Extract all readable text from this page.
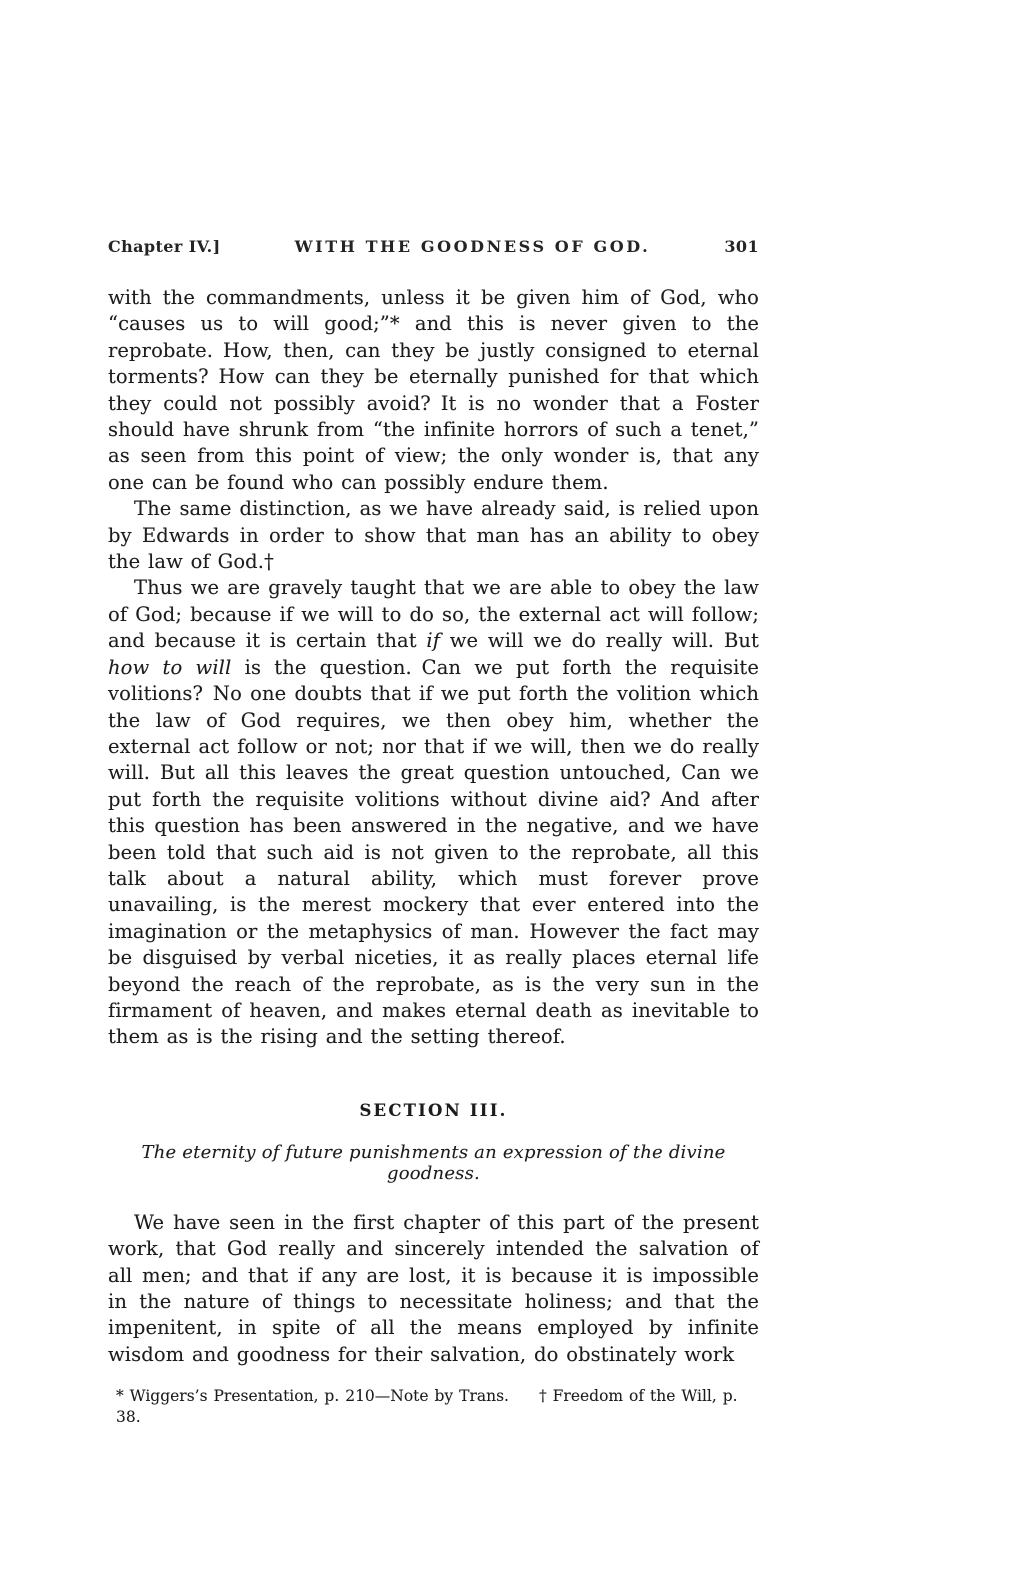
Chapter IV.]	WITH THE GOODNESS OF GOD.	301

with the commandments, unless it be given him of God, who “causes us to will good;”* and this is never given to the reprobate. How, then, can they be justly consigned to eternal torments? How can they be eternally punished for that which they could not possibly avoid? It is no wonder that a Foster should have shrunk from “the infinite horrors of such a tenet,” as seen from this point of view; the only wonder is, that any one can be found who can possibly endure them.

The same distinction, as we have already said, is relied upon by Edwards in order to show that man has an ability to obey the law of God.†

Thus we are gravely taught that we are able to obey the law of God; because if we will to do so, the external act will follow; and because it is certain that if we will we do really will. But how to will is the question. Can we put forth the requisite volitions? No one doubts that if we put forth the volition which the law of God requires, we then obey him, whether the external act follow or not; nor that if we will, then we do really will. But all this leaves the great question untouched, Can we put forth the requisite volitions without divine aid? And after this question has been answered in the negative, and we have been told that such aid is not given to the reprobate, all this talk about a natural ability, which must forever prove unavailing, is the merest mockery that ever entered into the imagination or the metaphysics of man. However the fact may be disguised by verbal niceties, it as really places eternal life beyond the reach of the reprobate, as is the very sun in the firmament of heaven, and makes eternal death as inevitable to them as is the rising and the setting thereof.

SECTION III.

The eternity of future punishments an expression of the divine goodness.

We have seen in the first chapter of this part of the present work, that God really and sincerely intended the salvation of all men; and that if any are lost, it is because it is impossible in the nature of things to necessitate holiness; and that the impenitent, in spite of all the means employed by infinite wisdom and goodness for their salvation, do obstinately work

* Wiggers’s Presentation, p. 210—Note by Trans. † Freedom of the Will, p. 38.
